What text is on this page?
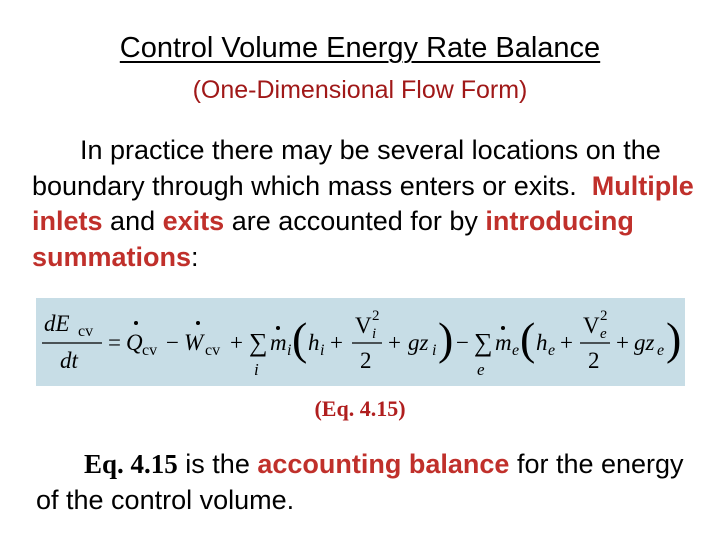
Control Volume Energy Rate Balance
(One-Dimensional Flow Form)
In practice there may be several locations on the boundary through which mass enters or exits. Multiple inlets and exits are accounted for by introducing summations:
dE cv
dt
= Q cv − W cv + ∑
i
m i ( h i +
V 2
i
2
+ gz i ) − ∑
e
m e ( h e +
V 2
e
2
+ gz e )
(Eq. 4.15)
Eq. 4.15 is the accounting balance for the energy of the control volume.
